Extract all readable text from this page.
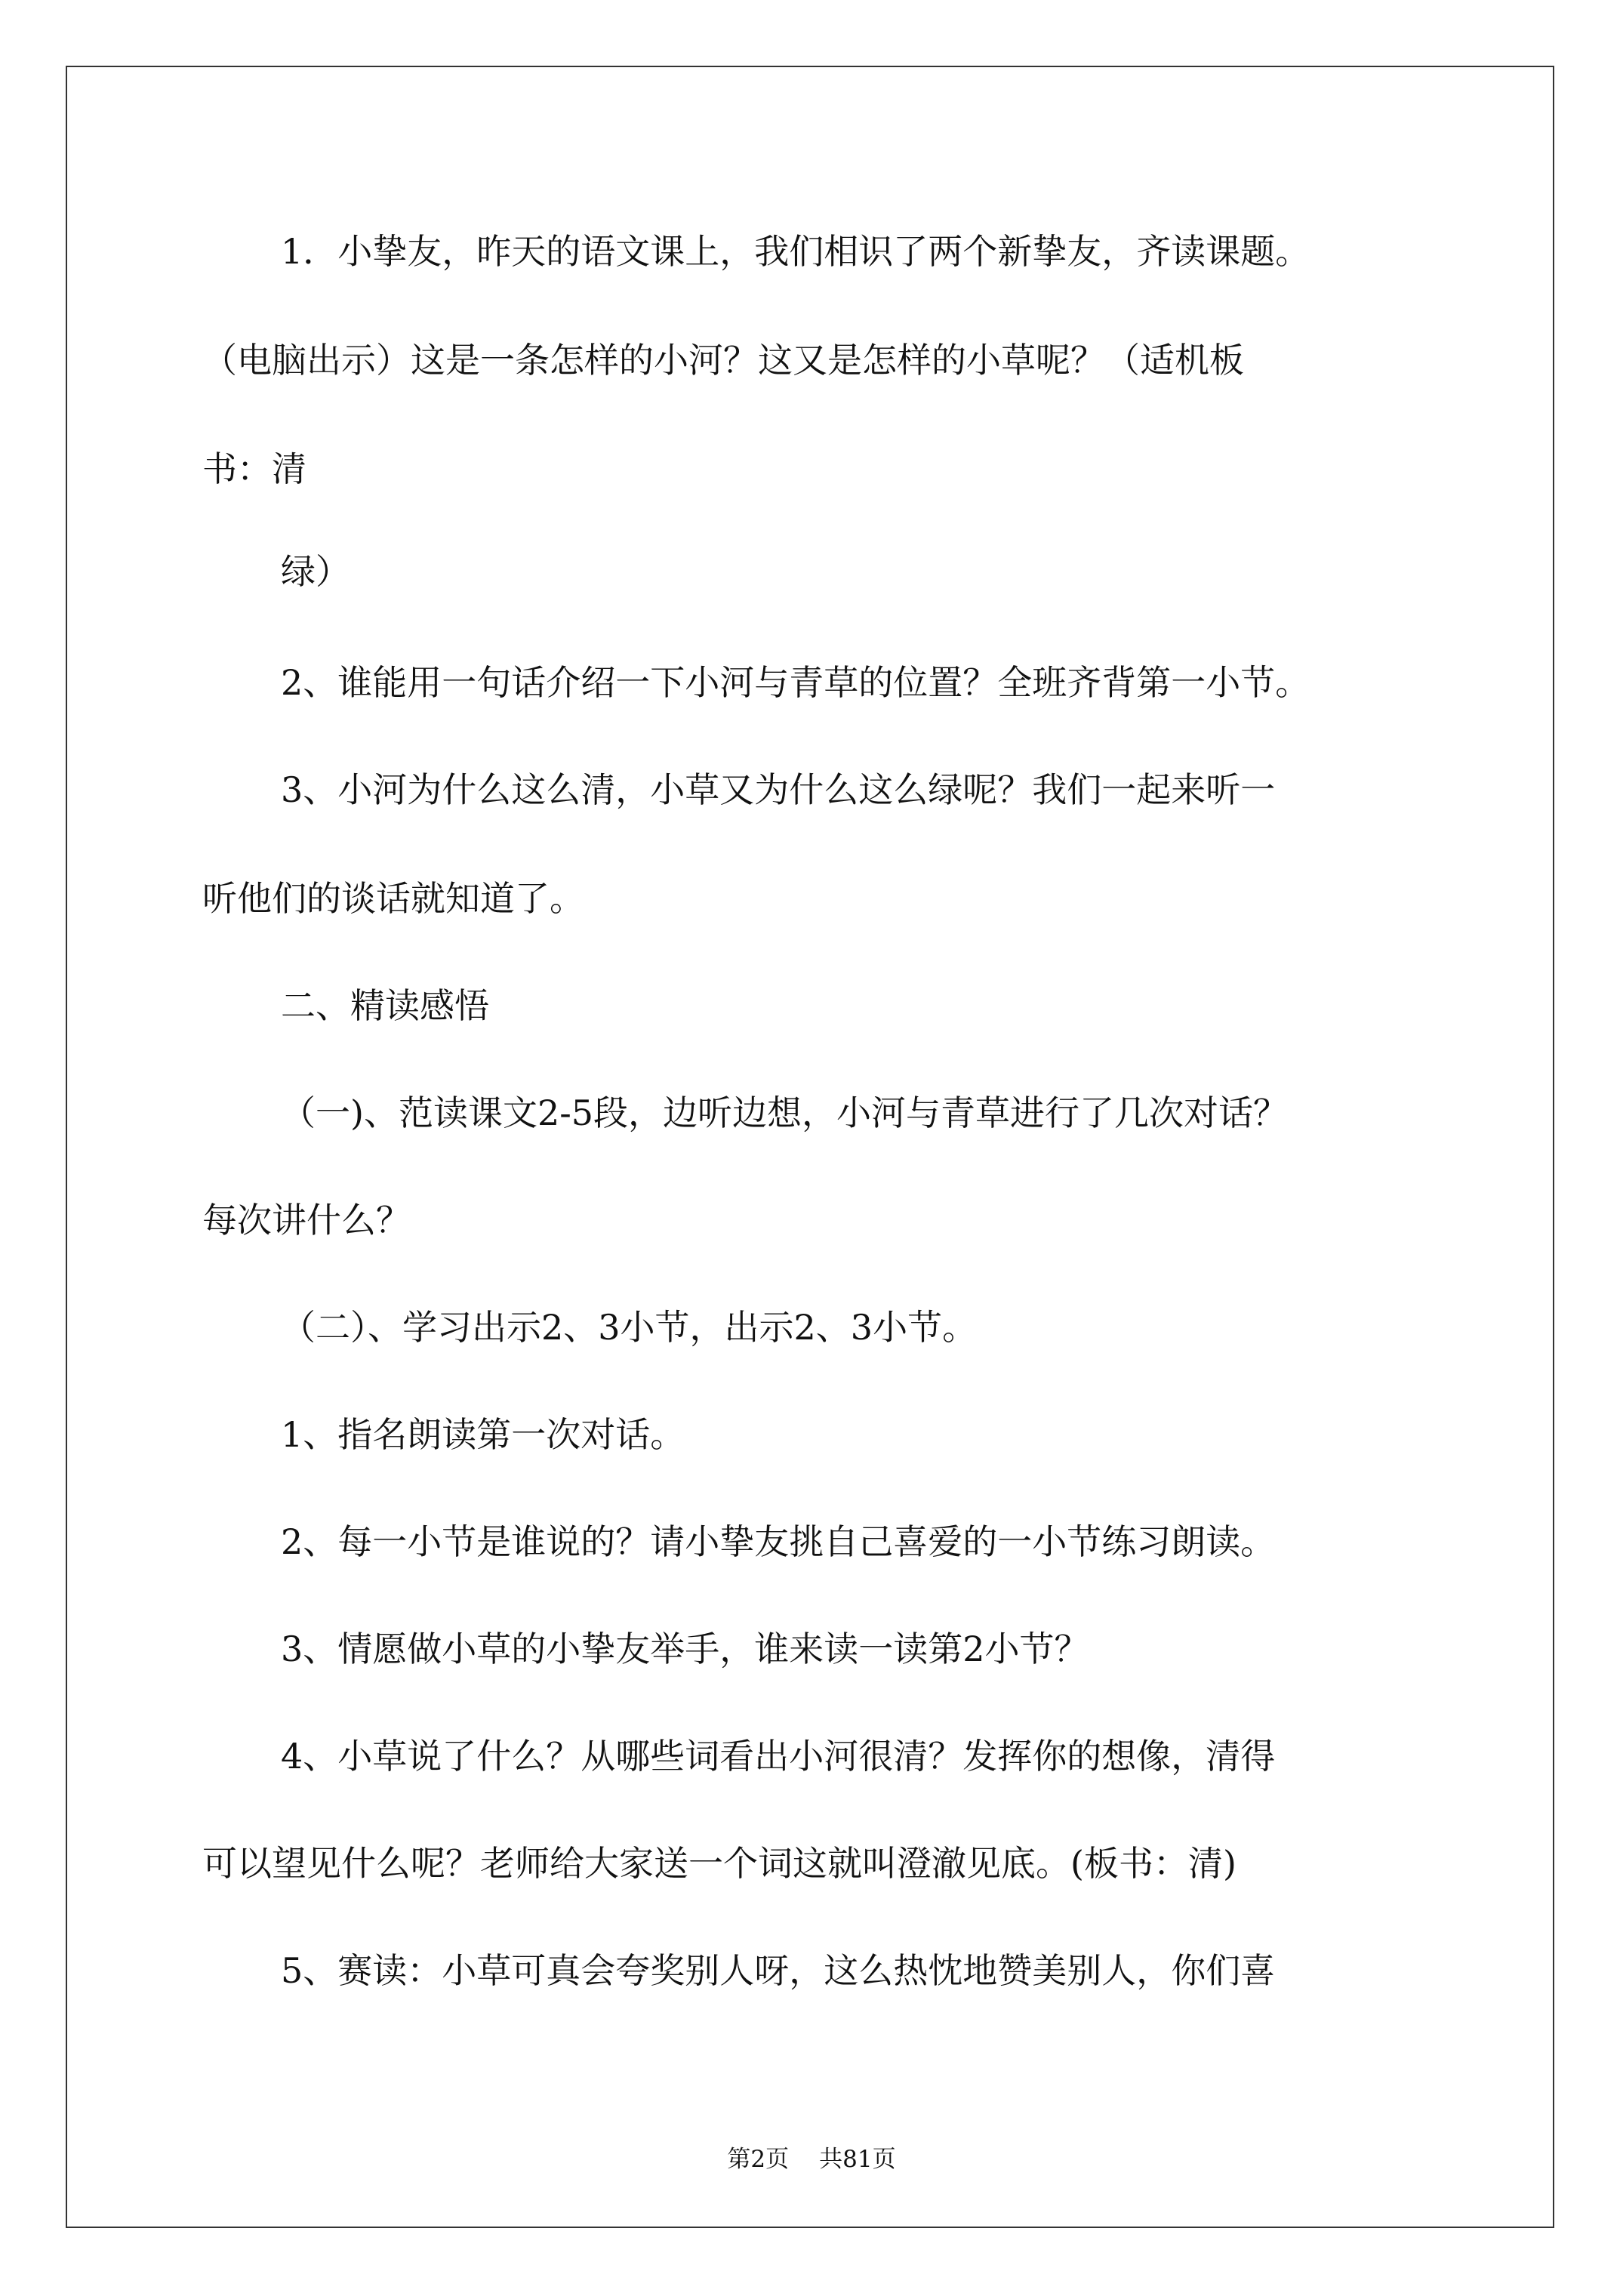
1．小挚友，昨天的语文课上，我们相识了两个新挚友，齐读课题。
（电脑出示）这是一条怎样的小河？这又是怎样的小草呢？（适机板
书：清
绿）
2、谁能用一句话介绍一下小河与青草的位置？全班齐背第一小节。
3、小河为什么这么清，小草又为什么这么绿呢？我们一起来听一
听他们的谈话就知道了。
二、精读感悟
（一)、范读课文2-5段，边听边想，小河与青草进行了几次对话？
每次讲什么？
（二）、学习出示2、3小节，出示2、3小节。
1、指名朗读第一次对话。
2、每一小节是谁说的？请小挚友挑自己喜爱的一小节练习朗读。
3、情愿做小草的小挚友举手，谁来读一读第2小节？
4、小草说了什么？从哪些词看出小河很清？发挥你的想像，清得
可以望见什么呢？老师给大家送一个词这就叫澄澈见底。(板书：清)
5、赛读：小草可真会夸奖别人呀，这么热忱地赞美别人，你们喜
第2页 共81页
